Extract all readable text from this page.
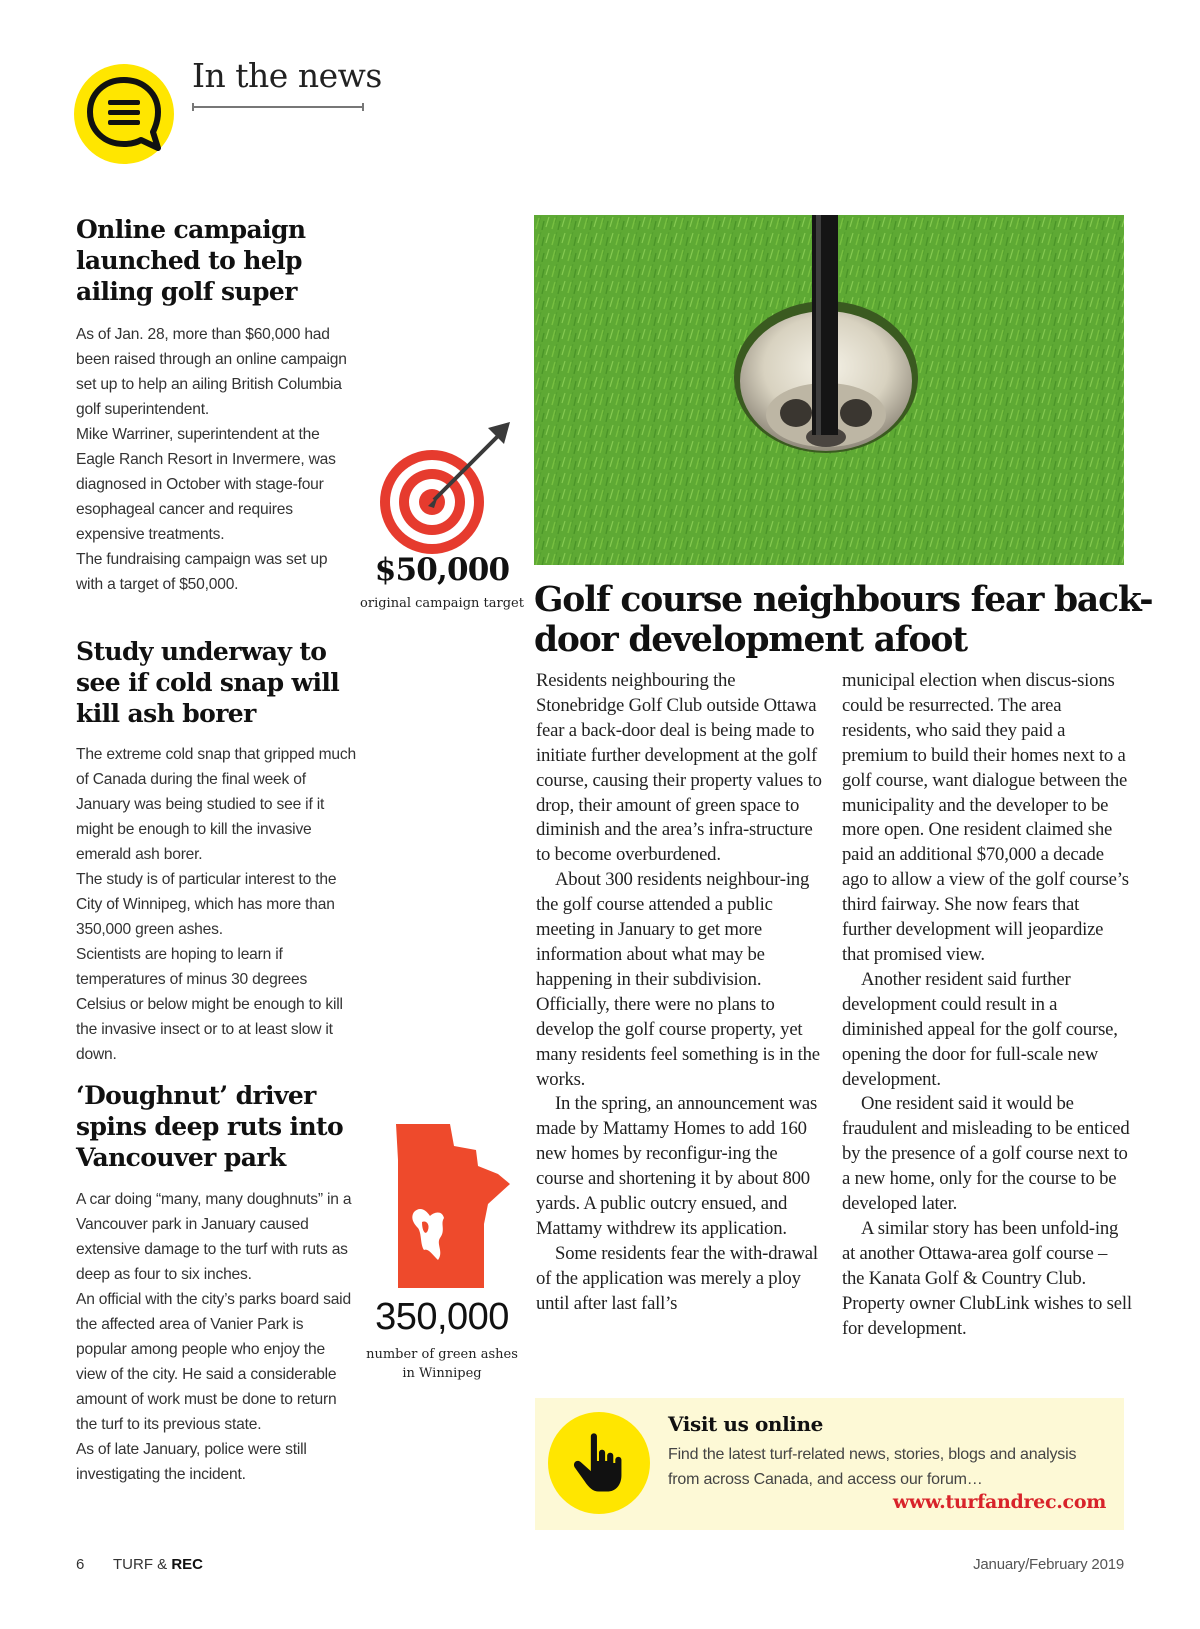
In the news
Online campaign launched to help ailing golf super

As of Jan. 28, more than $60,000 had been raised through an online campaign set up to help an ailing British Columbia golf superintendent.

Mike Warriner, superintendent at the Eagle Ranch Resort in Invermere, was diagnosed in October with stage-four esophageal cancer and requires expensive treatments.

The fundraising campaign was set up with a target of $50,000.

Study underway to see if cold snap will kill ash borer

The extreme cold snap that gripped much of Canada during the final week of January was being studied to see if it might be enough to kill the invasive emerald ash borer.

The study is of particular interest to the City of Winnipeg, which has more than 350,000 green ashes.

Scientists are hoping to learn if temperatures of minus 30 degrees Celsius or below might be enough to kill the invasive insect or to at least slow it down.

‘Doughnut’ driver spins deep ruts into Vancouver park

A car doing “many, many doughnuts” in a Vancouver park in January caused extensive damage to the turf with ruts as deep as four to six inches.

An official with the city’s parks board said the affected area of Vanier Park is popular among people who enjoy the view of the city. He said a considerable amount of work must be done to return the turf to its previous state.

As of late January, police were still investigating the incident.

$50,000
original campaign target
350,000
number of green ashes in Winnipeg
Golf course neighbours fear back-door development afoot

Residents neighbouring the Stonebridge Golf Club outside Ottawa fear a back-door deal is being made to initiate further development at the golf course, causing their property values to drop, their amount of green space to diminish and the area’s infra-structure to become overburdened.

About 300 residents neighbour-ing the golf course attended a public meeting in January to get more information about what may be happening in their subdivision. Officially, there were no plans to develop the golf course property, yet many residents feel something is in the works.

In the spring, an announcement was made by Mattamy Homes to add 160 new homes by reconfigur-ing the course and shortening it by about 800 yards. A public outcry ensued, and Mattamy withdrew its application.

Some residents fear the with-drawal of the application was merely a ploy until after last fall’s

municipal election when discus-sions could be resurrected. The area residents, who said they paid a premium to build their homes next to a golf course, want dialogue between the municipality and the developer to be more open. One resident claimed she paid an additional $70,000 a decade ago to allow a view of the golf course’s third fairway. She now fears that further development will jeopardize that promised view.

Another resident said further development could result in a diminished appeal for the golf course, opening the door for full-scale new development.

One resident said it would be fraudulent and misleading to be enticed by the presence of a golf course next to a new home, only for the course to be developed later.

A similar story has been unfold-ing at another Ottawa-area golf course – the Kanata Golf & Country Club. Property owner ClubLink wishes to sell for development.

Visit us online
Find the latest turf-related news, stories, blogs and analysis from across Canada, and access our forum…
www.turfandrec.com
6 TURF & REC	January/February 2019
